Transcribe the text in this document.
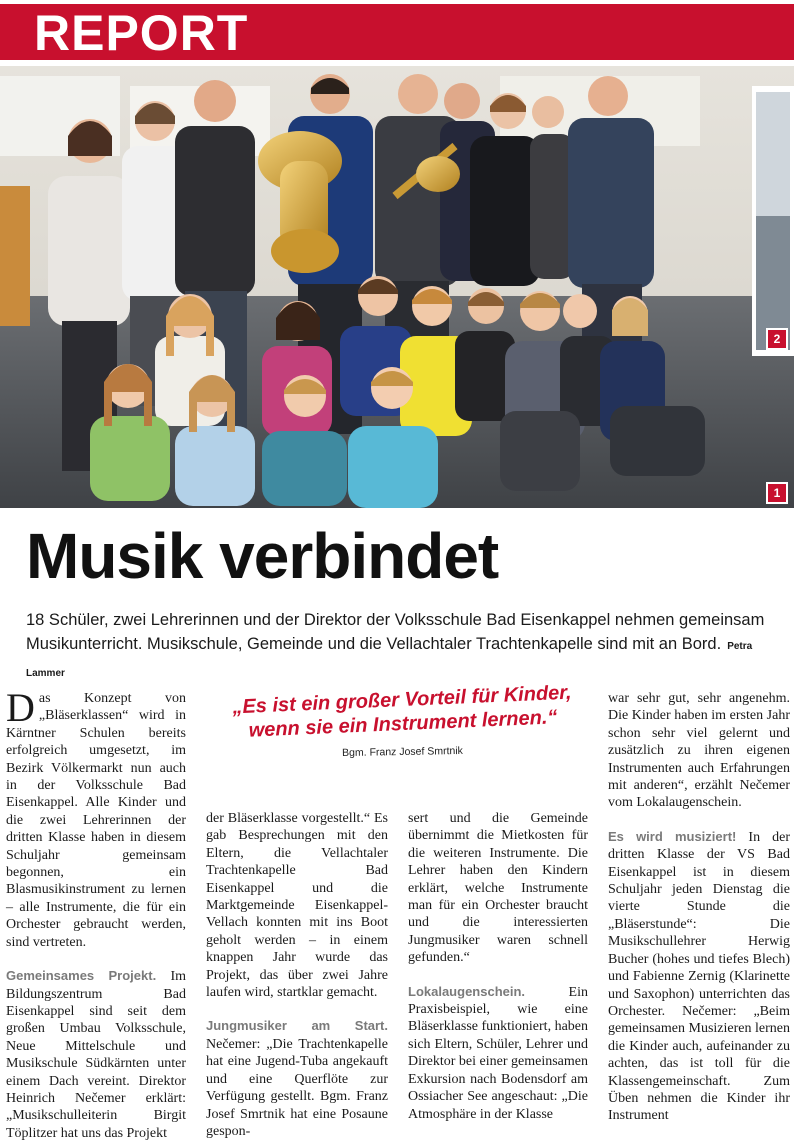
REPORT
1
2
Musik verbindet
18 Schüler, zwei Lehrerinnen und der Direktor der Volksschule Bad Eisenkappel nehmen gemeinsam Musikunterricht. Musikschule, Gemeinde und die Vellachtaler Trachtenkapelle sind mit an Bord. Petra Lammer

Das Konzept von „Bläserklassen“ wird in Kärntner Schulen bereits erfolgreich umgesetzt, im Bezirk Völkermarkt nun auch in der Volksschule Bad Eisenkappel. Alle Kinder und die zwei Lehrerinnen der dritten Klasse haben in diesem Schuljahr gemeinsam begonnen, ein Blasmusikinstrument zu lernen – alle Instrumente, die für ein Orchester gebraucht werden, sind vertreten.

Gemeinsames Projekt. Im Bildungszentrum Bad Eisenkappel sind seit dem großen Umbau Volksschule, Neue Mittelschule und Musikschule Südkärnten unter einem Dach vereint. Direktor Heinrich Nečemer erklärt: „Musikschulleiterin Birgit Töplitzer hat uns das Projekt

„Es ist ein großer Vorteil für Kinder, wenn sie ein Instrument lernen.“
Bgm. Franz Josef Smrtnik

der Bläserklasse vorgestellt.“ Es gab Besprechungen mit den Eltern, die Vellachtaler Trachtenkapelle Bad Eisenkappel und die Marktgemeinde Eisenkappel-Vellach konnten mit ins Boot geholt werden – in einem knappen Jahr wurde das Projekt, das über zwei Jahre laufen wird, startklar gemacht.

Jungmusiker am Start. Nečemer: „Die Trachtenkapelle hat eine Jugend-Tuba angekauft und eine Querflöte zur Verfügung gestellt. Bgm. Franz Josef Smrtnik hat eine Posaune gespon-

sert und die Gemeinde übernimmt die Mietkosten für die weiteren Instrumente. Die Lehrer haben den Kindern erklärt, welche Instrumente man für ein Orchester braucht und die interessierten Jungmusiker waren schnell gefunden.“

Lokalaugenschein. Ein Praxisbeispiel, wie eine Bläserklasse funktioniert, haben sich Eltern, Schüler, Lehrer und Direktor bei einer gemeinsamen Exkursion nach Bodensdorf am Ossiacher See angeschaut: „Die Atmosphäre in der Klasse

war sehr gut, sehr angenehm. Die Kinder haben im ersten Jahr schon sehr viel gelernt und zusätzlich zu ihren eigenen Instrumenten auch Erfahrungen mit anderen“, erzählt Nečemer vom Lokalaugenschein.

Es wird musiziert! In der dritten Klasse der VS Bad Eisenkappel ist in diesem Schuljahr jeden Dienstag die vierte Stunde die „Bläserstunde“: Die Musikschullehrer Herwig Bucher (hohes und tiefes Blech) und Fabienne Zernig (Klarinette und Saxophon) unterrichten das Orchester. Nečemer: „Beim gemeinsamen Musizieren lernen die Kinder auch, aufeinander zu achten, das ist toll für die Klassengemeinschaft. Zum Üben nehmen die Kinder ihr Instrument
